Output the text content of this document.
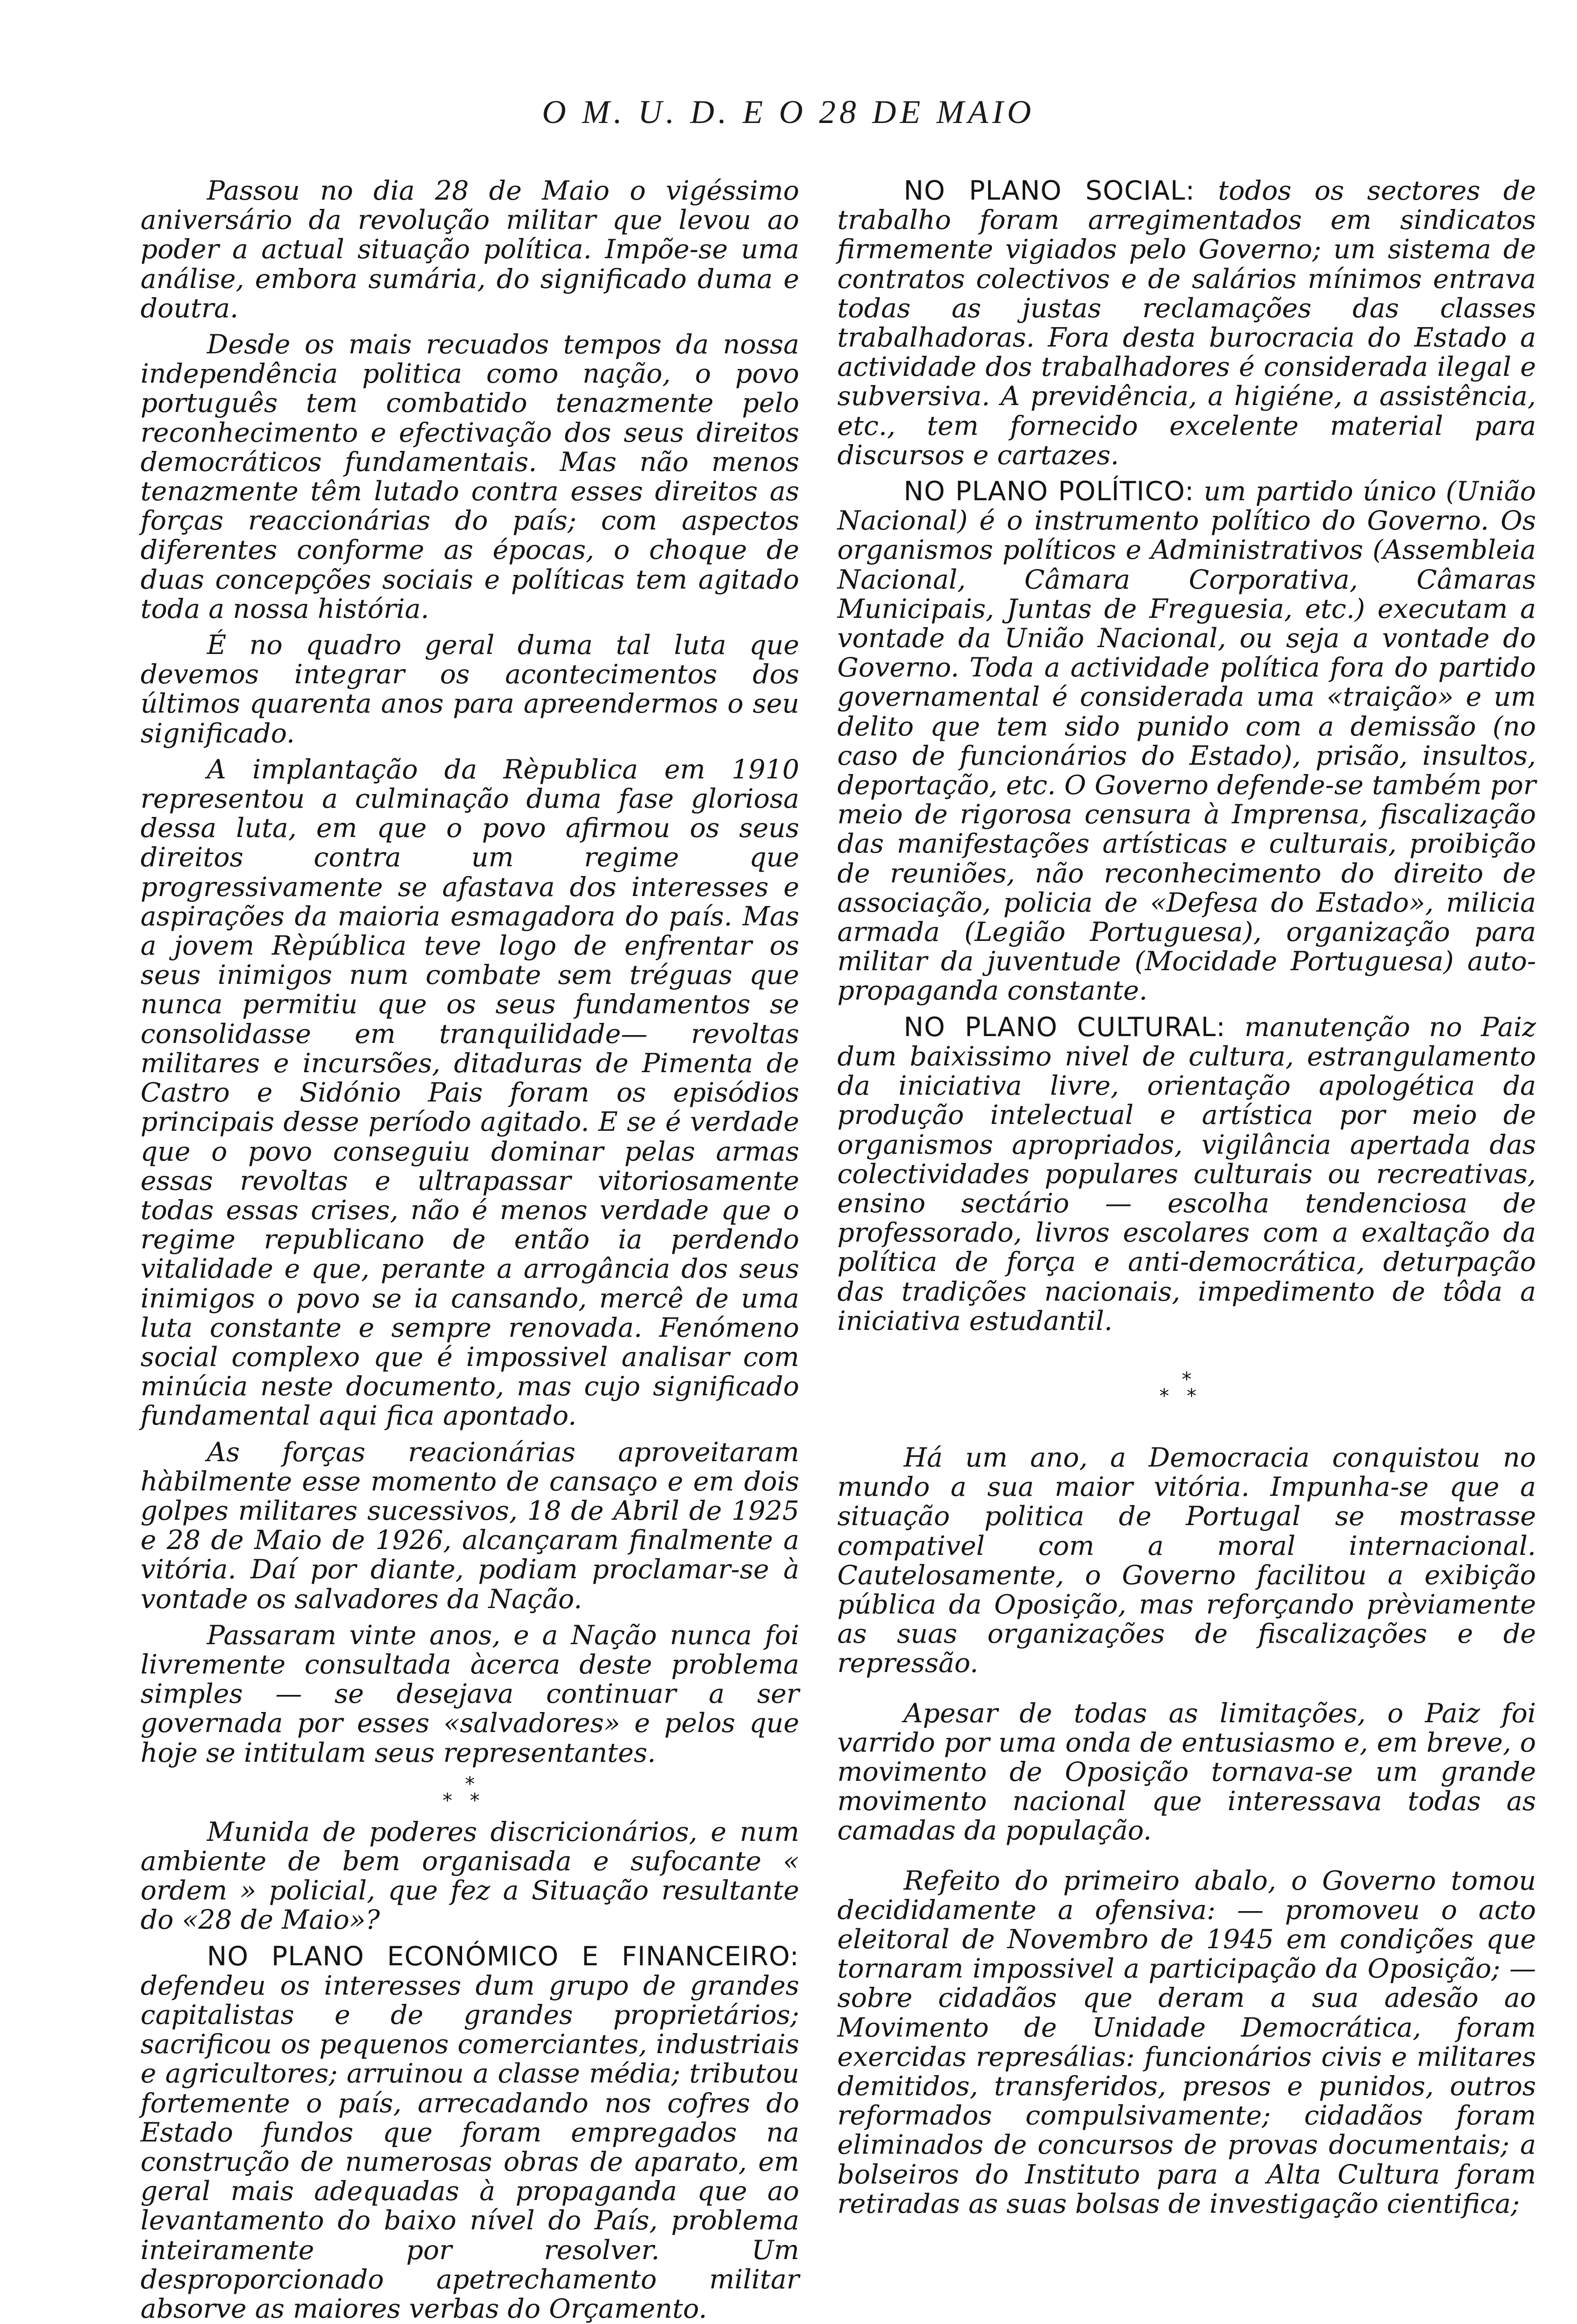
O M. U. D. E O 28 DE MAIO

Passou no dia 28 de Maio o vigéssimo aniversário da revolução militar que levou ao poder a actual situação política. Impõe-se uma análise, embora sumária, do significado duma e doutra.

Desde os mais recuados tempos da nossa independência politica como nação, o povo português tem combatido tenazmente pelo reconhecimento e efectivação dos seus direitos democráticos fundamentais. Mas não menos tenazmente têm lutado contra esses direitos as forças reaccionárias do país; com aspectos diferentes conforme as épocas, o choque de duas concepções sociais e políticas tem agitado toda a nossa história.

É no quadro geral duma tal luta que devemos integrar os acontecimentos dos últimos quarenta anos para apreendermos o seu significado.

A implantação da Rèpublica em 1910 representou a culminação duma fase gloriosa dessa luta, em que o povo afirmou os seus direitos contra um regime que progressivamente se afastava dos interesses e aspirações da maioria esmagadora do país. Mas a jovem Rèpública teve logo de enfrentar os seus inimigos num combate sem tréguas que nunca permitiu que os seus fundamentos se consolidasse em tranquilidade— revoltas militares e incursões, ditaduras de Pimenta de Castro e Sidónio Pais foram os episódios principais desse período agitado. E se é verdade que o povo conseguiu dominar pelas armas essas revoltas e ultrapassar vitoriosamente todas essas crises, não é menos verdade que o regime republicano de então ia perdendo vitalidade e que, perante a arrogância dos seus inimigos o povo se ia cansando, mercê de uma luta constante e sempre renovada. Fenómeno social complexo que é impossivel analisar com minúcia neste documento, mas cujo significado fundamental aqui fica apontado.

As forças reacionárias aproveitaram hàbilmente esse momento de cansaço e em dois golpes militares sucessivos, 18 de Abril de 1925 e 28 de Maio de 1926, alcançaram finalmente a vitória. Daí por diante, podiam proclamar-se à vontade os salvadores da Nação.

Passaram vinte anos, e a Nação nunca foi livremente consultada àcerca deste problema simples — se desejava continuar a ser governada por esses «salvadores» e pelos que hoje se intitulam seus representantes.

*
**

Munida de poderes discricionários, e num ambiente de bem organisada e sufocante « ordem » policial, que fez a Situação resultante do «28 de Maio»?

NO PLANO ECONÓMICO E FINANCEIRO: defendeu os interesses dum grupo de grandes capitalistas e de grandes proprietários; sacrificou os pequenos comerciantes, industriais e agricultores; arruinou a classe média; tributou fortemente o país, arrecadando nos cofres do Estado fundos que foram empregados na construção de numerosas obras de aparato, em geral mais adequadas à propaganda que ao levantamento do baixo nível do País, problema inteiramente por resolver. Um desproporcionado apetrechamento militar absorve as maiores verbas do Orçamento.

NO PLANO SOCIAL: todos os sectores de trabalho foram arregimentados em sindicatos firmemente vigiados pelo Governo; um sistema de contratos colectivos e de salários mínimos entrava todas as justas reclamações das classes trabalhadoras. Fora desta burocracia do Estado a actividade dos trabalhadores é considerada ilegal e subversiva. A previdência, a higiéne, a assistência, etc., tem fornecido excelente material para discursos e cartazes.

NO PLANO POLÍTICO: um partido único (União Nacional) é o instrumento político do Governo. Os organismos políticos e Administrativos (Assembleia Nacional, Câmara Corporativa, Câmaras Municipais, Juntas de Freguesia, etc.) executam a vontade da União Nacional, ou seja a vontade do Governo. Toda a actividade política fora do partido governamental é considerada uma «traição» e um delito que tem sido punido com a demissão (no caso de funcionários do Estado), prisão, insultos, deportação, etc. O Governo defende-se também por meio de rigorosa censura à Imprensa, fiscalização das manifestações artísticas e culturais, proibição de reuniões, não reconhecimento do direito de associação, policia de «Defesa do Estado», milicia armada (Legião Portuguesa), organização para militar da juventude (Mocidade Portuguesa) auto-propaganda constante.

NO PLANO CULTURAL: manutenção no Paiz dum baixissimo nivel de cultura, estrangulamento da iniciativa livre, orientação apologética da produção intelectual e artística por meio de organismos apropriados, vigilância apertada das colectividades populares culturais ou recreativas, ensino sectário — escolha tendenciosa de professorado, livros escolares com a exaltação da política de força e anti-democrática, deturpação das tradições nacionais, impedimento de tôda a iniciativa estudantil.

*
**

Há um ano, a Democracia conquistou no mundo a sua maior vitória. Impunha-se que a situação politica de Portugal se mostrasse compativel com a moral internacional. Cautelosamente, o Governo facilitou a exibição pública da Oposição, mas reforçando prèviamente as suas organizações de fiscalizações e de repressão.

Apesar de todas as limitações, o Paiz foi varrido por uma onda de entusiasmo e, em breve, o movimento de Oposição tornava-se um grande movimento nacional que interessava todas as camadas da população.

Refeito do primeiro abalo, o Governo tomou decididamente a ofensiva: — promoveu o acto eleitoral de Novembro de 1945 em condições que tornaram impossivel a participação da Oposição; — sobre cidadãos que deram a sua adesão ao Movimento de Unidade Democrática, foram exercidas represálias: funcionários civis e militares demitidos, transferidos, presos e punidos, outros reformados compulsivamente; cidadãos foram eliminados de concursos de provas documentais; a bolseiros do Instituto para a Alta Cultura foram retiradas as suas bolsas de investigação cientifica;
